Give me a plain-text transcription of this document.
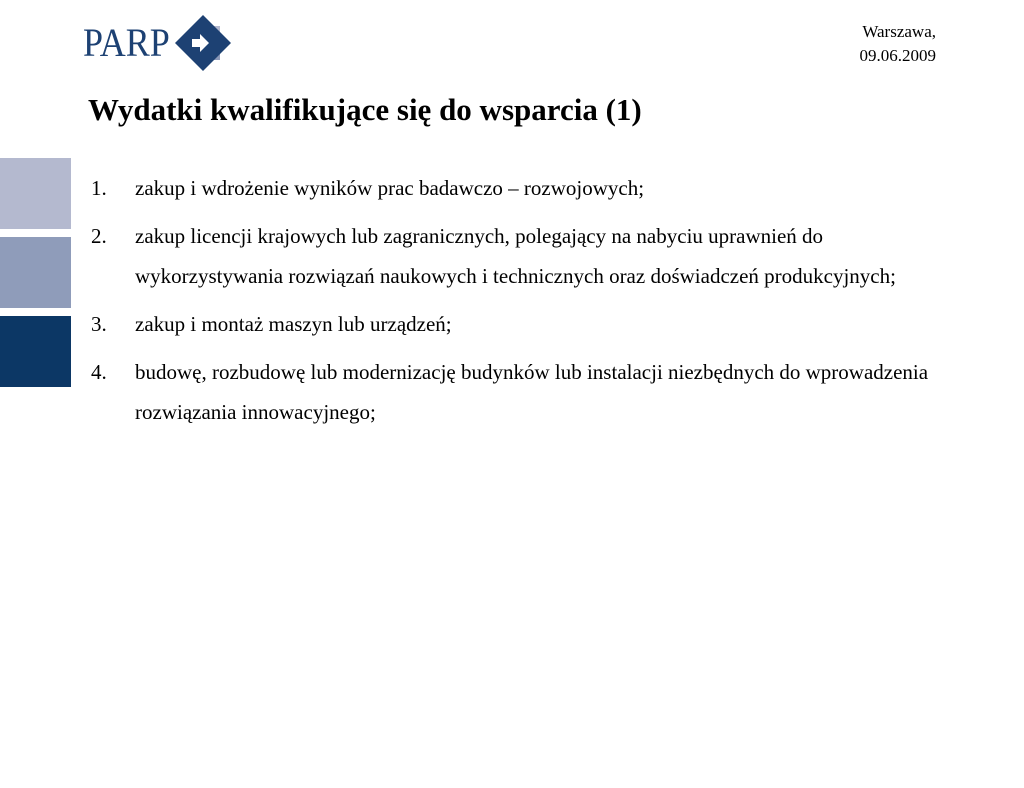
PARP	Warszawa,
09.06.2009
Wydatki kwalifikujące się do wsparcia (1)
1. zakup i wdrożenie wyników prac badawczo – rozwojowych;
2. zakup licencji krajowych lub zagranicznych, polegający na nabyciu uprawnień do wykorzystywania rozwiązań naukowych i technicznych oraz doświadczeń produkcyjnych;
3. zakup i montaż maszyn lub urządzeń;
4. budowę, rozbudowę lub modernizację budynków lub instalacji niezbędnych do wprowadzenia rozwiązania innowacyjnego;
